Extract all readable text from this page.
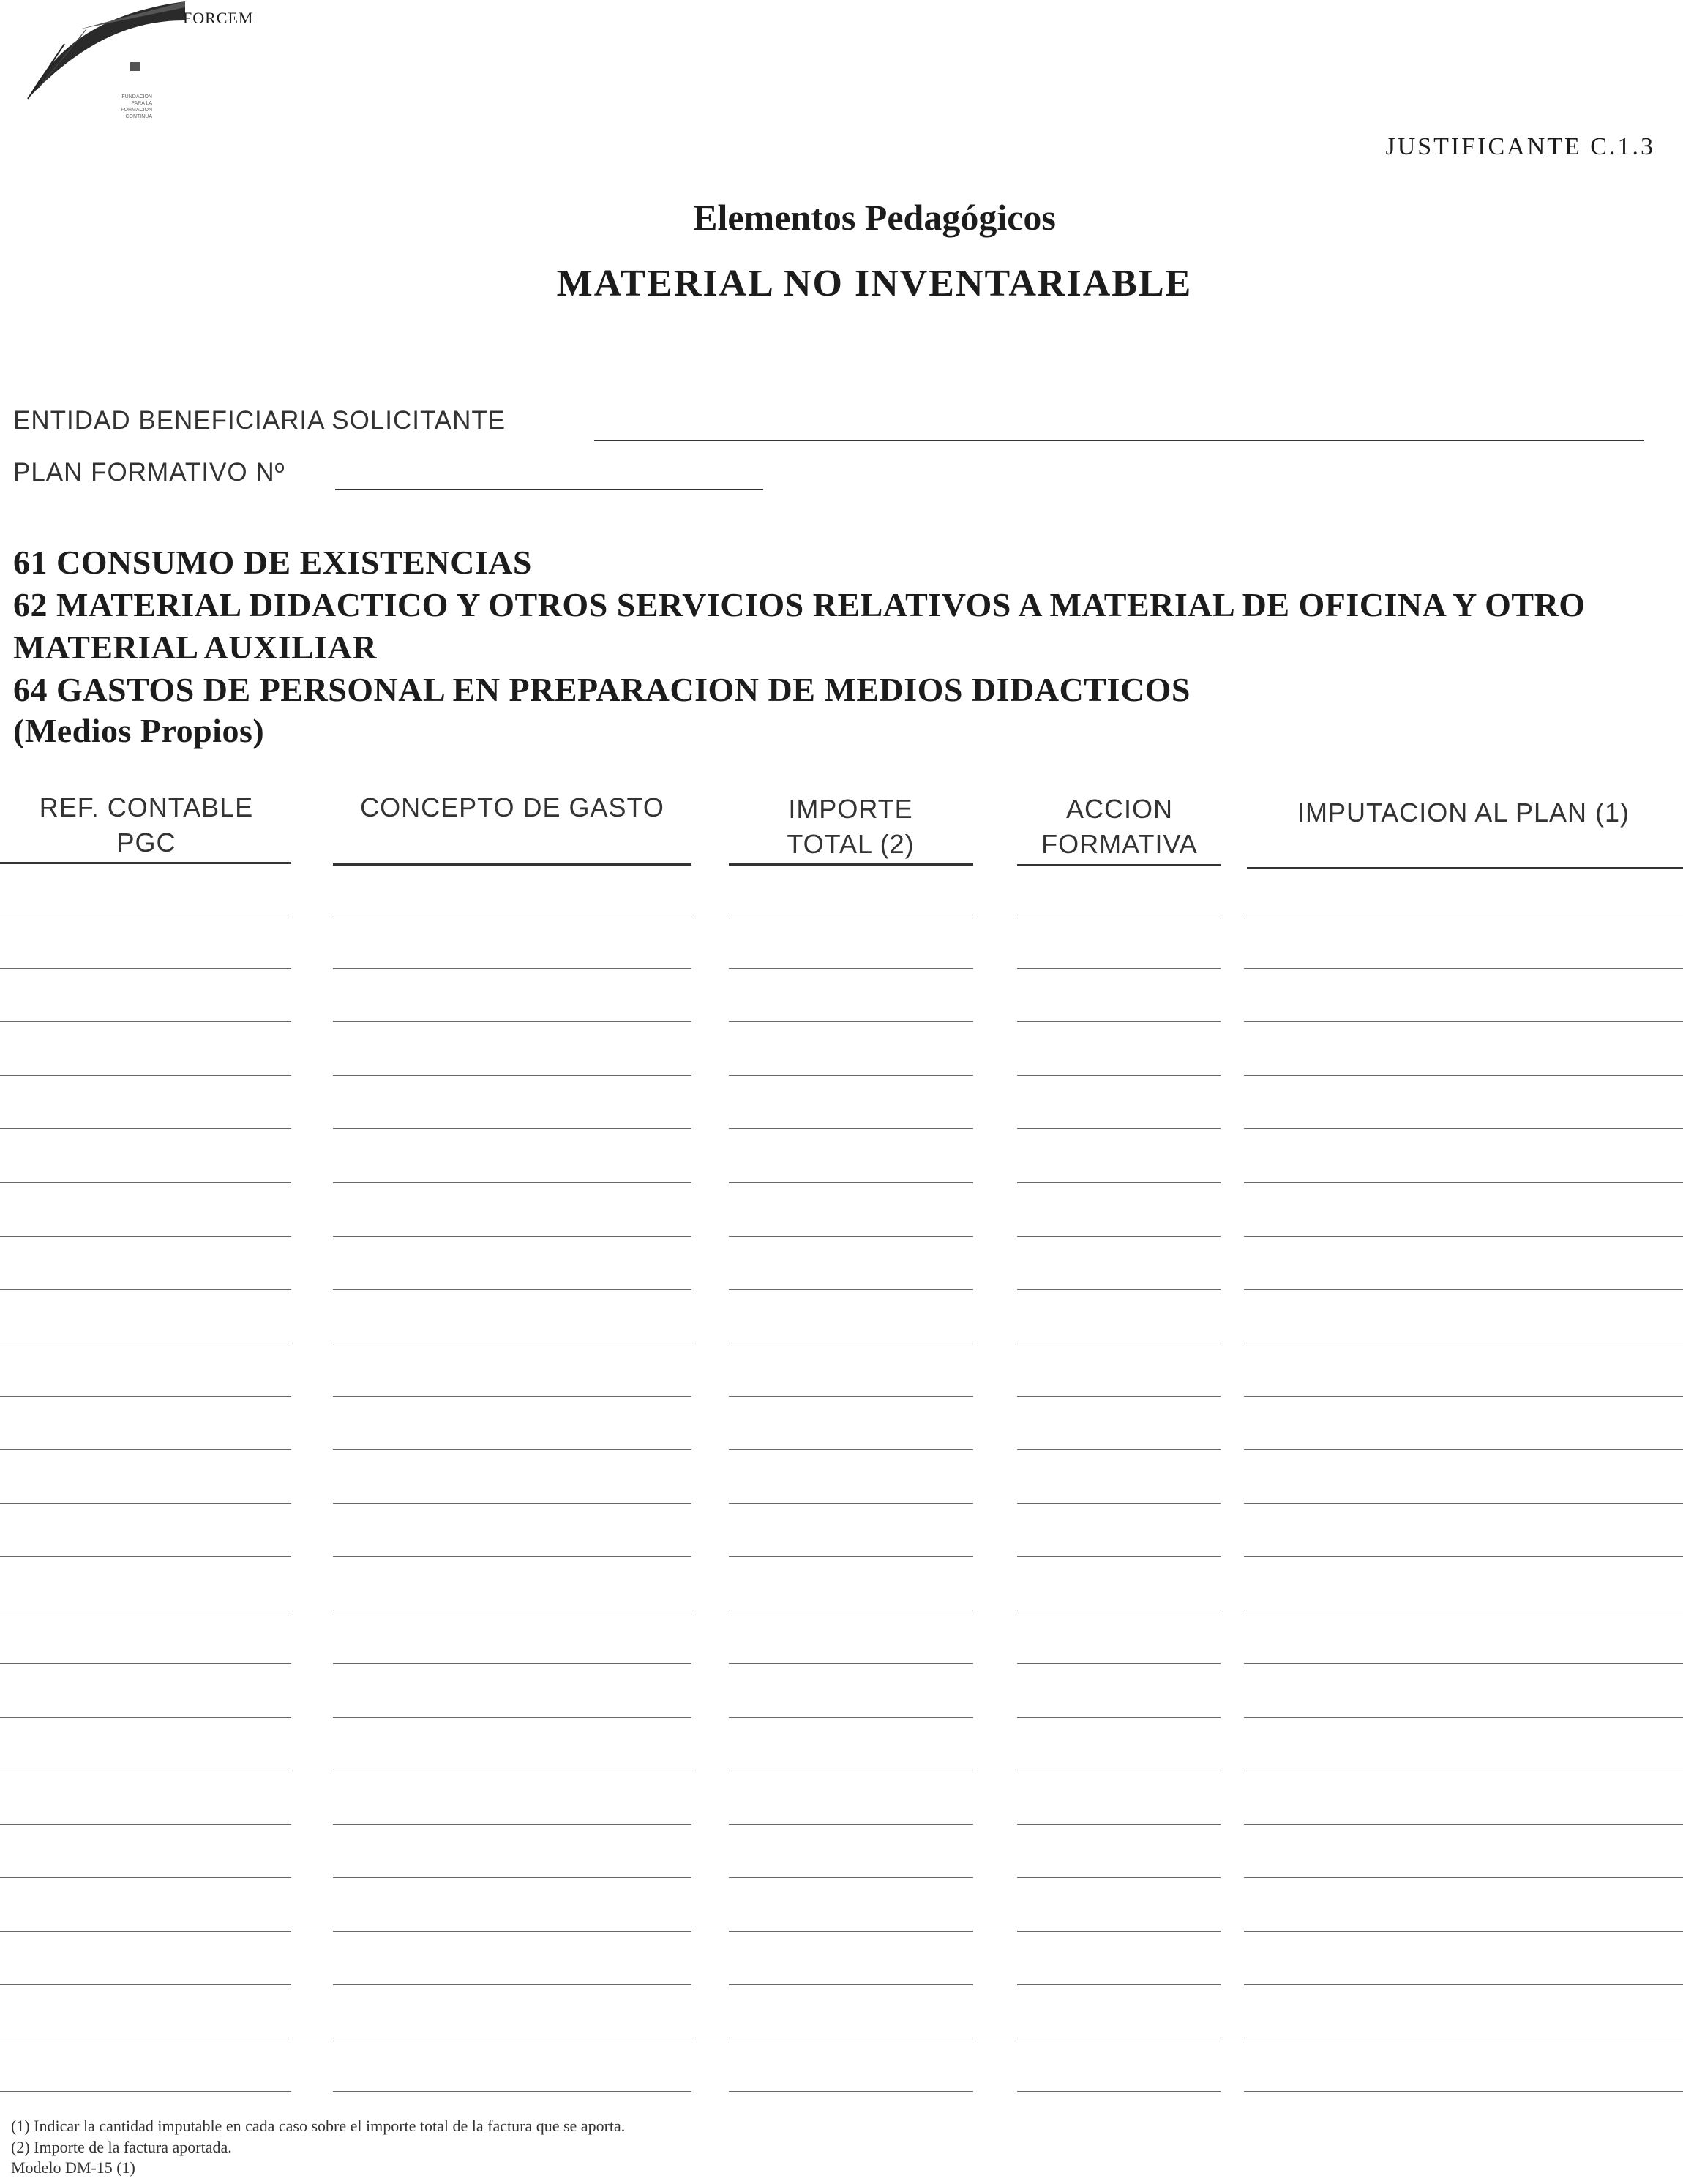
FORCEM
FUNDACION
PARA LA
FORMACION
CONTINUA
JUSTIFICANTE C.1.3
Elementos Pedagógicos
MATERIAL NO INVENTARIABLE
ENTIDAD BENEFICIARIA SOLICITANTE
PLAN FORMATIVO Nº
61 CONSUMO DE EXISTENCIAS
62 MATERIAL DIDACTICO Y OTROS SERVICIOS RELATIVOS A MATERIAL DE OFICINA Y OTRO MATERIAL AUXILIAR
64 GASTOS DE PERSONAL EN PREPARACION DE MEDIOS DIDACTICOS
(Medios Propios)
REF. CONTABLE
PGC
CONCEPTO DE GASTO	IMPORTE
TOTAL (2)
ACCION
FORMATIVA
IMPUTACION AL PLAN (1)
(1) Indicar la cantidad imputable en cada caso sobre el importe total de la factura que se aporta.
(2) Importe de la factura aportada.
Modelo DM-15 (1)
